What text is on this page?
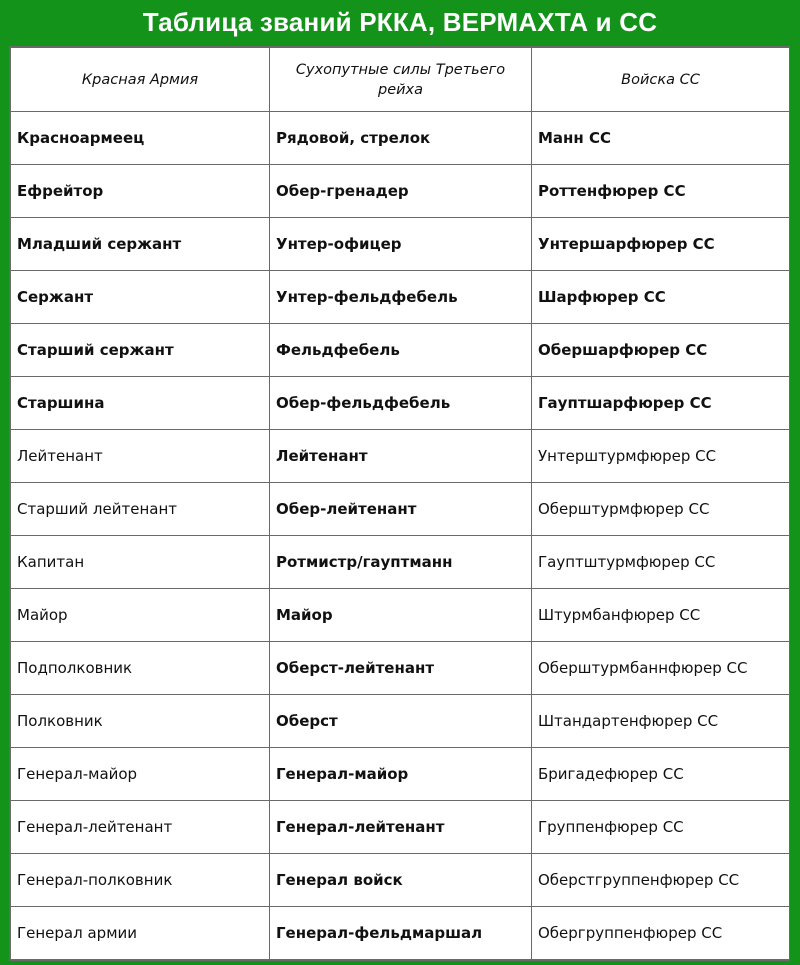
Таблица званий РККА, ВЕРМАХТА и СС
Красная Армия	Сухопутные силы Третьего рейха	Войска СС
Красноармеец	Рядовой, стрелок	Манн СС
Ефрейтор	Обер-гренадер	Роттенфюрер СС
Младший сержант	Унтер-офицер	Унтершарфюрер СС
Сержант	Унтер-фельдфебель	Шарфюрер СС
Старший сержант	Фельдфебель	Обершарфюрер СС
Старшина	Обер-фельдфебель	Гауптшарфюрер СС
Лейтенант	Лейтенант	Унтерштурмфюрер СС
Старший лейтенант	Обер-лейтенант	Оберштурмфюрер СС
Капитан	Ротмистр/гауптманн	Гауптштурмфюрер СС
Майор	Майор	Штурмбанфюрер СС
Подполковник	Оберст-лейтенант	Оберштурмбаннфюрер СС
Полковник	Оберст	Штандартенфюрер СС
Генерал-майор	Генерал-майор	Бригадефюрер СС
Генерал-лейтенант	Генерал-лейтенант	Группенфюрер СС
Генерал-полковник	Генерал войск	Оберстгруппенфюрер СС
Генерал армии	Генерал-фельдмаршал	Обергруппенфюрер СС
